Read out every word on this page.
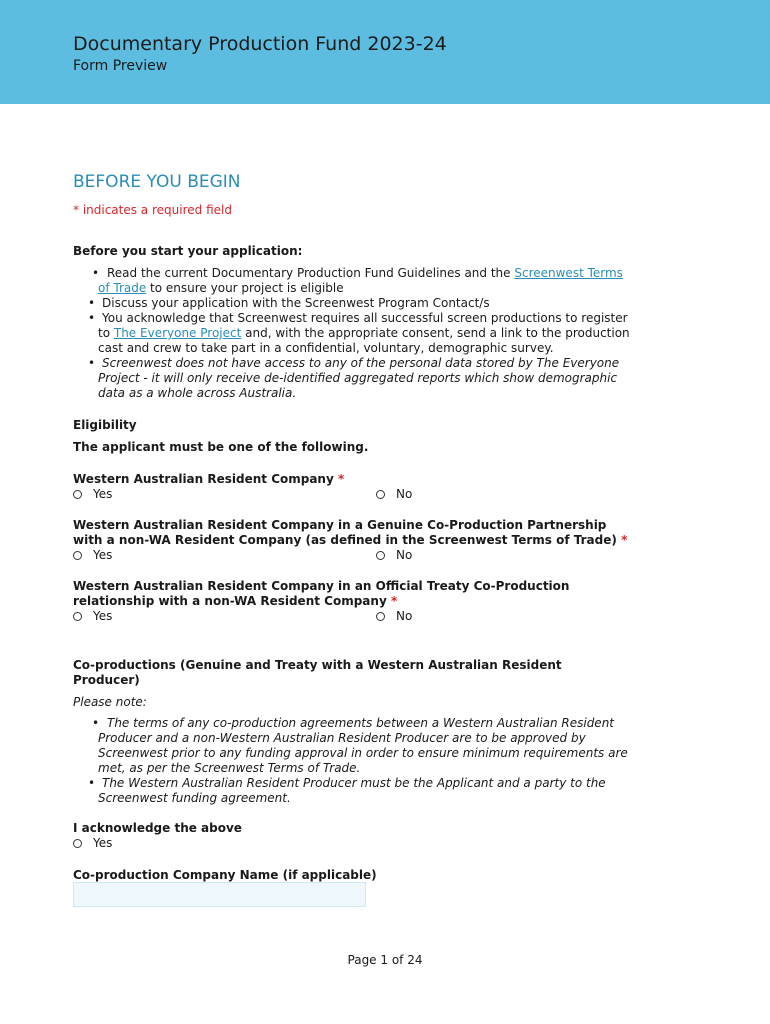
Documentary Production Fund 2023-24
Form Preview
BEFORE YOU BEGIN
* indicates a required field
Before you start your application:
• Read the current Documentary Production Fund Guidelines and the Screenwest Terms
of Trade to ensure your project is eligible
• Discuss your application with the Screenwest Program Contact/s
• You acknowledge that Screenwest requires all successful screen productions to register
to The Everyone Project and, with the appropriate consent, send a link to the production
cast and crew to take part in a confidential, voluntary, demographic survey.
• Screenwest does not have access to any of the personal data stored by The Everyone
Project - it will only receive de-identified aggregated reports which show demographic
data as a whole across Australia.
Eligibility
The applicant must be one of the following.
Western Australian Resident Company *
Yes	No
Western Australian Resident Company in a Genuine Co-Production Partnership
with a non-WA Resident Company (as defined in the Screenwest Terms of Trade) *
Yes	No
Western Australian Resident Company in an Official Treaty Co-Production
relationship with a non-WA Resident Company *
Yes	No
Co-productions (Genuine and Treaty with a Western Australian Resident
Producer)
Please note:
• The terms of any co-production agreements between a Western Australian Resident
Producer and a non-Western Australian Resident Producer are to be approved by
Screenwest prior to any funding approval in order to ensure minimum requirements are
met, as per the Screenwest Terms of Trade.
• The Western Australian Resident Producer must be the Applicant and a party to the
Screenwest funding agreement.
I acknowledge the above
Yes
Co-production Company Name (if applicable)
Page 1 of 24
